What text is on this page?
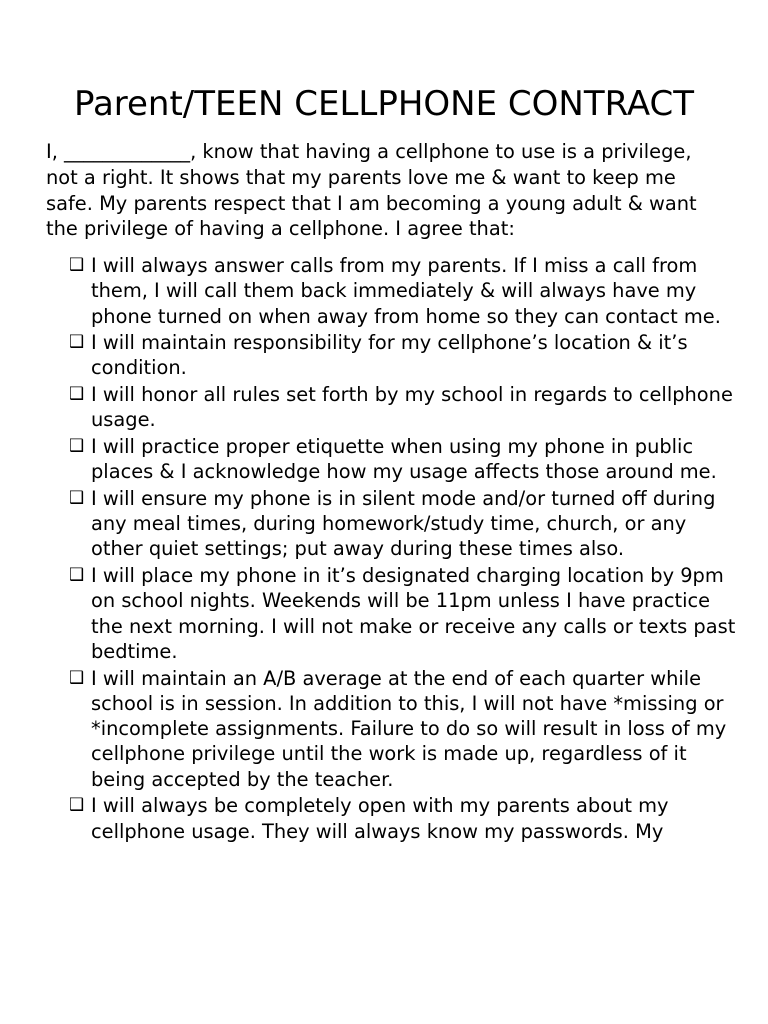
Parent/TEEN CELLPHONE CONTRACT

I, _____________, know that having a cellphone to use is a privilege, not a right. It shows that my parents love me & want to keep me safe. My parents respect that I am becoming a young adult & want the privilege of having a cellphone. I agree that:

❑ I will always answer calls from my parents. If I miss a call from them, I will call them back immediately & will always have my phone turned on when away from home so they can contact me.
❑ I will maintain responsibility for my cellphone’s location & it’s condition.
❑ I will honor all rules set forth by my school in regards to cellphone usage.
❑ I will practice proper etiquette when using my phone in public places & I acknowledge how my usage affects those around me.
❑ I will ensure my phone is in silent mode and/or turned off during any meal times, during homework/study time, church, or any other quiet settings; put away during these times also.
❑ I will place my phone in it’s designated charging location by 9pm on school nights. Weekends will be 11pm unless I have practice the next morning. I will not make or receive any calls or texts past bedtime.
❑ I will maintain an A/B average at the end of each quarter while school is in session. In addition to this, I will not have *missing or *incomplete assignments. Failure to do so will result in loss of my cellphone privilege until the work is made up, regardless of it being accepted by the teacher.
❑ I will always be completely open with my parents about my cellphone usage. They will always know my passwords. My
